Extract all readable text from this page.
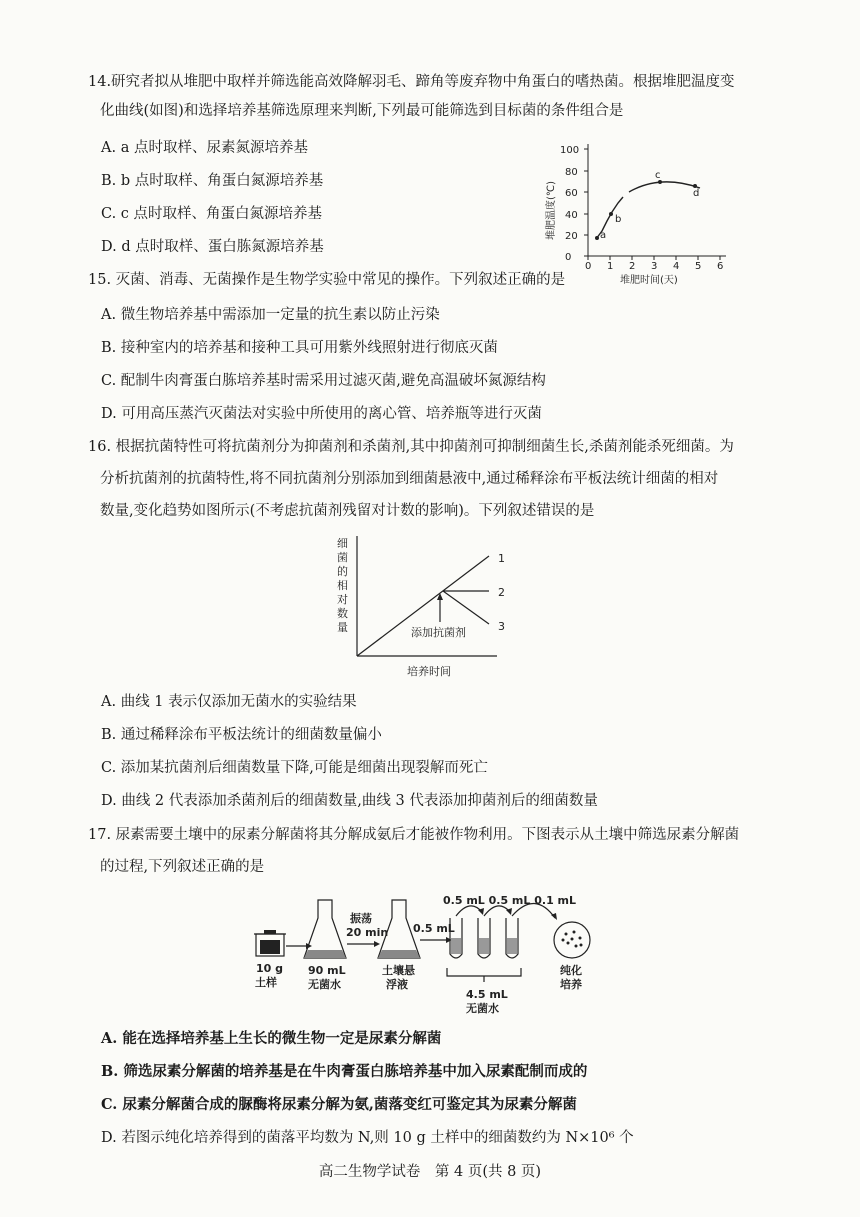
14.研究者拟从堆肥中取样并筛选能高效降解羽毛、蹄角等废弃物中角蛋白的嗜热菌。根据堆肥温度变
化曲线(如图)和选择培养基筛选原理来判断,下列最可能筛选到目标菌的条件组合是
A. a 点时取样、尿素氮源培养基
B. b 点时取样、角蛋白氮源培养基
C. c 点时取样、角蛋白氮源培养基
D. d 点时取样、蛋白胨氮源培养基
0
20
40
60
80
100
0 1 2 3 4 5 6
a
b
c
d
堆肥温度(℃)
堆肥时间(天)
15. 灭菌、消毒、无菌操作是生物学实验中常见的操作。下列叙述正确的是
A. 微生物培养基中需添加一定量的抗生素以防止污染
B. 接种室内的培养基和接种工具可用紫外线照射进行彻底灭菌
C. 配制牛肉膏蛋白胨培养基时需采用过滤灭菌,避免高温破坏氮源结构
D. 可用高压蒸汽灭菌法对实验中所使用的离心管、培养瓶等进行灭菌
16. 根据抗菌特性可将抗菌剂分为抑菌剂和杀菌剂,其中抑菌剂可抑制细菌生长,杀菌剂能杀死细菌。为
分析抗菌剂的抗菌特性,将不同抗菌剂分别添加到细菌悬液中,通过稀释涂布平板法统计细菌的相对
数量,变化趋势如图所示(不考虑抗菌剂残留对计数的影响)。下列叙述错误的是
细
菌
的
相
对
数
量
1
2
3
添加抗菌剂
培养时间
A. 曲线 1 表示仅添加无菌水的实验结果
B. 通过稀释涂布平板法统计的细菌数量偏小
C. 添加某抗菌剂后细菌数量下降,可能是细菌出现裂解而死亡
D. 曲线 2 代表添加杀菌剂后的细菌数量,曲线 3 代表添加抑菌剂后的细菌数量
17. 尿素需要土壤中的尿素分解菌将其分解成氨后才能被作物利用。下图表示从土壤中筛选尿素分解菌
的过程,下列叙述正确的是
10 g
土样
90 mL
无菌水
振荡
20 min
土壤悬
浮液
0.5 mL
0.5 mL 0.5 mL 0.1 mL
4.5 mL
无菌水
纯化
培养
A. 能在选择培养基上生长的微生物一定是尿素分解菌
B. 筛选尿素分解菌的培养基是在牛肉膏蛋白胨培养基中加入尿素配制而成的
C. 尿素分解菌合成的脲酶将尿素分解为氨,菌落变红可鉴定其为尿素分解菌
D. 若图示纯化培养得到的菌落平均数为 N,则 10 g 土样中的细菌数约为 N×10⁶ 个
高二生物学试卷　第 4 页(共 8 页)
